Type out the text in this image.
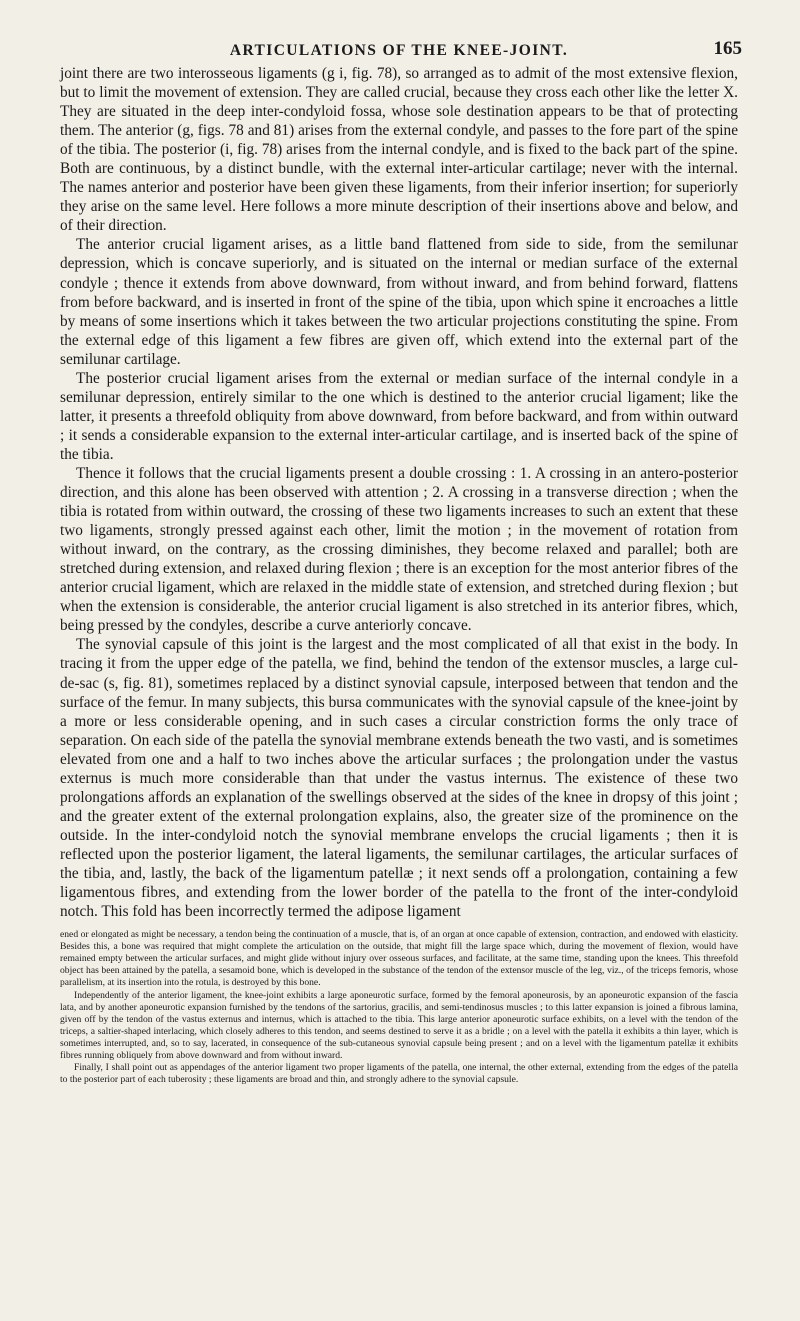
ARTICULATIONS OF THE KNEE-JOINT.	165

joint there are two interosseous ligaments (g i, fig. 78), so arranged as to admit of the most extensive flexion, but to limit the movement of extension. They are called crucial, because they cross each other like the letter X. They are situated in the deep inter-condyloid fossa, whose sole destination appears to be that of protecting them. The anterior (g, figs. 78 and 81) arises from the external condyle, and passes to the fore part of the spine of the tibia. The posterior (i, fig. 78) arises from the internal condyle, and is fixed to the back part of the spine. Both are continuous, by a distinct bundle, with the external inter-articular cartilage; never with the internal. The names anterior and posterior have been given these ligaments, from their inferior insertion; for superiorly they arise on the same level. Here follows a more minute description of their insertions above and below, and of their direction.

The anterior crucial ligament arises, as a little band flattened from side to side, from the semilunar depression, which is concave superiorly, and is situated on the internal or median surface of the external condyle ; thence it extends from above downward, from without inward, and from behind forward, flattens from before backward, and is inserted in front of the spine of the tibia, upon which spine it encroaches a little by means of some insertions which it takes between the two articular projections constituting the spine. From the external edge of this ligament a few fibres are given off, which extend into the external part of the semilunar cartilage.

The posterior crucial ligament arises from the external or median surface of the internal condyle in a semilunar depression, entirely similar to the one which is destined to the anterior crucial ligament; like the latter, it presents a threefold obliquity from above downward, from before backward, and from within outward ; it sends a considerable expansion to the external inter-articular cartilage, and is inserted back of the spine of the tibia.

Thence it follows that the crucial ligaments present a double crossing : 1. A crossing in an antero-posterior direction, and this alone has been observed with attention ; 2. A crossing in a transverse direction ; when the tibia is rotated from within outward, the crossing of these two ligaments increases to such an extent that these two ligaments, strongly pressed against each other, limit the motion ; in the movement of rotation from without inward, on the contrary, as the crossing diminishes, they become relaxed and parallel; both are stretched during extension, and relaxed during flexion ; there is an exception for the most anterior fibres of the anterior crucial ligament, which are relaxed in the middle state of extension, and stretched during flexion ; but when the extension is considerable, the anterior crucial ligament is also stretched in its anterior fibres, which, being pressed by the condyles, describe a curve anteriorly concave.

The synovial capsule of this joint is the largest and the most complicated of all that exist in the body. In tracing it from the upper edge of the patella, we find, behind the tendon of the extensor muscles, a large cul-de-sac (s, fig. 81), sometimes replaced by a distinct synovial capsule, interposed between that tendon and the surface of the femur. In many subjects, this bursa communicates with the synovial capsule of the knee-joint by a more or less considerable opening, and in such cases a circular constriction forms the only trace of separation. On each side of the patella the synovial membrane extends beneath the two vasti, and is sometimes elevated from one and a half to two inches above the articular surfaces ; the prolongation under the vastus externus is much more considerable than that under the vastus internus. The existence of these two prolongations affords an explanation of the swellings observed at the sides of the knee in dropsy of this joint ; and the greater extent of the external prolongation explains, also, the greater size of the prominence on the outside. In the inter-condyloid notch the synovial membrane envelops the crucial ligaments ; then it is reflected upon the posterior ligament, the lateral ligaments, the semilunar cartilages, the articular surfaces of the tibia, and, lastly, the back of the ligamentum patellæ ; it next sends off a prolongation, containing a few ligamentous fibres, and extending from the lower border of the patella to the front of the inter-condyloid notch. This fold has been incorrectly termed the adipose ligament

ened or elongated as might be necessary, a tendon being the continuation of a muscle, that is, of an organ at once capable of extension, contraction, and endowed with elasticity. Besides this, a bone was required that might complete the articulation on the outside, that might fill the large space which, during the movement of flexion, would have remained empty between the articular surfaces, and might glide without injury over osseous surfaces, and facilitate, at the same time, standing upon the knees. This threefold object has been attained by the patella, a sesamoid bone, which is developed in the substance of the tendon of the extensor muscle of the leg, viz., of the triceps femoris, whose parallelism, at its insertion into the rotula, is destroyed by this bone.

Independently of the anterior ligament, the knee-joint exhibits a large aponeurotic surface, formed by the femoral aponeurosis, by an aponeurotic expansion of the fascia lata, and by another aponeurotic expansion furnished by the tendons of the sartorius, gracilis, and semi-tendinosus muscles ; to this latter expansion is joined a fibrous lamina, given off by the tendon of the vastus externus and internus, which is attached to the tibia. This large anterior aponeurotic surface exhibits, on a level with the tendon of the triceps, a saltier-shaped interlacing, which closely adheres to this tendon, and seems destined to serve it as a bridle ; on a level with the patella it exhibits a thin layer, which is sometimes interrupted, and, so to say, lacerated, in consequence of the sub-cutaneous synovial capsule being present ; and on a level with the ligamentum patellæ it exhibits fibres running obliquely from above downward and from without inward.

Finally, I shall point out as appendages of the anterior ligament two proper ligaments of the patella, one internal, the other external, extending from the edges of the patella to the posterior part of each tuberosity ; these ligaments are broad and thin, and strongly adhere to the synovial capsule.
